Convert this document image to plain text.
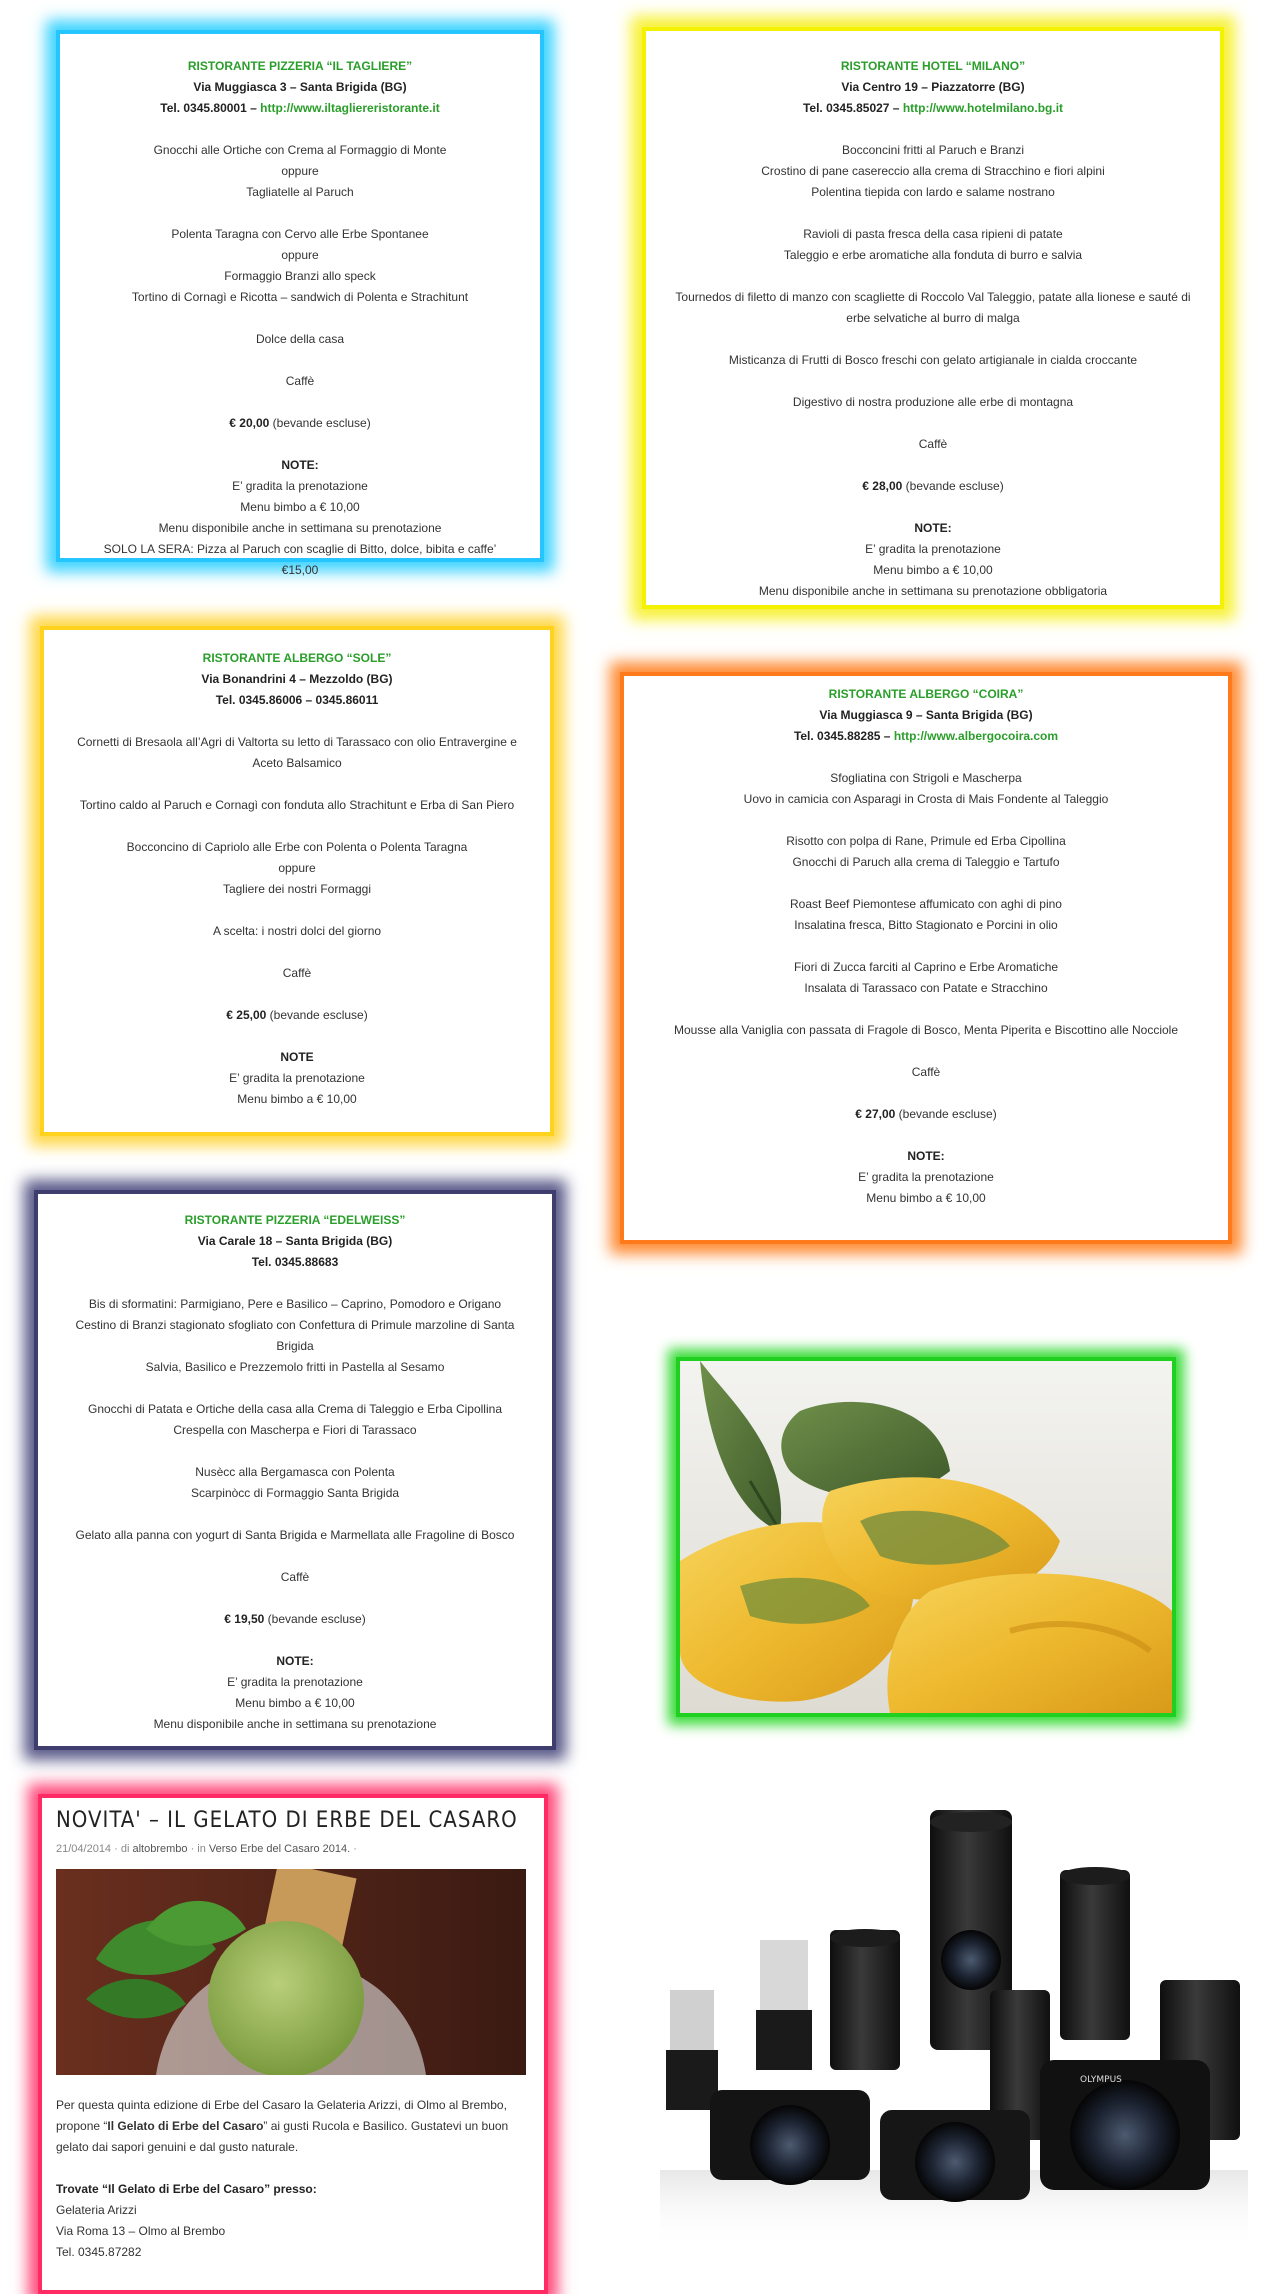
RISTORANTE PIZZERIA “IL TAGLIERE”
Via Muggiasca 3 – Santa Brigida (BG)
Tel. 0345.80001 – http://www.iltagliereristorante.it
Gnocchi alle Ortiche con Crema al Formaggio di Monte
oppure
Tagliatelle al Paruch
Polenta Taragna con Cervo alle Erbe Spontanee
oppure
Formaggio Branzi allo speck
Tortino di Cornagì e Ricotta – sandwich di Polenta e Strachitunt
Dolce della casa
Caffè
€ 20,00 (bevande escluse)
NOTE:
E’ gradita la prenotazione
Menu bimbo a € 10,00
Menu disponibile anche in settimana su prenotazione
SOLO LA SERA: Pizza al Paruch con scaglie di Bitto, dolce, bibita e caffe’ €15,00
RISTORANTE HOTEL “MILANO”
Via Centro 19 – Piazzatorre (BG)
Tel. 0345.85027 – http://www.hotelmilano.bg.it
Bocconcini fritti al Paruch e Branzi
Crostino di pane casereccio alla crema di Stracchino e fiori alpini
Polentina tiepida con lardo e salame nostrano
Ravioli di pasta fresca della casa ripieni di patate
Taleggio e erbe aromatiche alla fonduta di burro e salvia
Tournedos di filetto di manzo con scagliette di Roccolo Val Taleggio, patate alla lionese e sauté di erbe selvatiche al burro di malga
Misticanza di Frutti di Bosco freschi con gelato artigianale in cialda croccante
Digestivo di nostra produzione alle erbe di montagna
Caffè
€ 28,00 (bevande escluse)
NOTE:
E’ gradita la prenotazione
Menu bimbo a € 10,00
Menu disponibile anche in settimana su prenotazione obbligatoria
RISTORANTE ALBERGO “SOLE”
Via Bonandrini 4 – Mezzoldo (BG)
Tel. 0345.86006 – 0345.86011
Cornetti di Bresaola all’Agri di Valtorta su letto di Tarassaco con olio Entravergine e Aceto Balsamico
Tortino caldo al Paruch e Cornagì con fonduta allo Strachitunt e Erba di San Piero
Bocconcino di Capriolo alle Erbe con Polenta o Polenta Taragna
oppure
Tagliere dei nostri Formaggi
A scelta: i nostri dolci del giorno
Caffè
€ 25,00 (bevande escluse)
NOTE
E’ gradita la prenotazione
Menu bimbo a € 10,00
RISTORANTE ALBERGO “COIRA”
Via Muggiasca 9 – Santa Brigida (BG)
Tel. 0345.88285 – http://www.albergocoira.com
Sfogliatina con Strigoli e Mascherpa
Uovo in camicia con Asparagi in Crosta di Mais Fondente al Taleggio
Risotto con polpa di Rane, Primule ed Erba Cipollina
Gnocchi di Paruch alla crema di Taleggio e Tartufo
Roast Beef Piemontese affumicato con aghi di pino
Insalatina fresca, Bitto Stagionato e Porcini in olio
Fiori di Zucca farciti al Caprino e Erbe Aromatiche
Insalata di Tarassaco con Patate e Stracchino
Mousse alla Vaniglia con passata di Fragole di Bosco, Menta Piperita e Biscottino alle Nocciole
Caffè
€ 27,00 (bevande escluse)
NOTE:
E’ gradita la prenotazione
Menu bimbo a € 10,00
RISTORANTE PIZZERIA “EDELWEISS”
Via Carale 18 – Santa Brigida (BG)
Tel. 0345.88683
Bis di sformatini: Parmigiano, Pere e Basilico – Caprino, Pomodoro e Origano
Cestino di Branzi stagionato sfogliato con Confettura di Primule marzoline di Santa Brigida
Salvia, Basilico e Prezzemolo fritti in Pastella al Sesamo
Gnocchi di Patata e Ortiche della casa alla Crema di Taleggio e Erba Cipollina
Crespella con Mascherpa e Fiori di Tarassaco
Nusècc alla Bergamasca con Polenta
Scarpinòcc di Formaggio Santa Brigida
Gelato alla panna con yogurt di Santa Brigida e Marmellata alle Fragoline di Bosco
Caffè
€ 19,50 (bevande escluse)
NOTE:
E’ gradita la prenotazione
Menu bimbo a € 10,00
Menu disponibile anche in settimana su prenotazione
NOVITA' – IL GELATO DI ERBE DEL CASARO
21/04/2014 · di altobrembo · in Verso Erbe del Casaro 2014. ·

Per questa quinta edizione di Erbe del Casaro la Gelateria Arizzi, di Olmo al Brembo, propone “Il Gelato di Erbe del Casaro” ai gusti Rucola e Basilico. Gustatevi un buon gelato dai sapori genuini e dal gusto naturale.

Trovate “Il Gelato di Erbe del Casaro” presso:
Gelateria Arizzi
Via Roma 13 – Olmo al Brembo
Tel. 0345.87282
OLYMPUS
